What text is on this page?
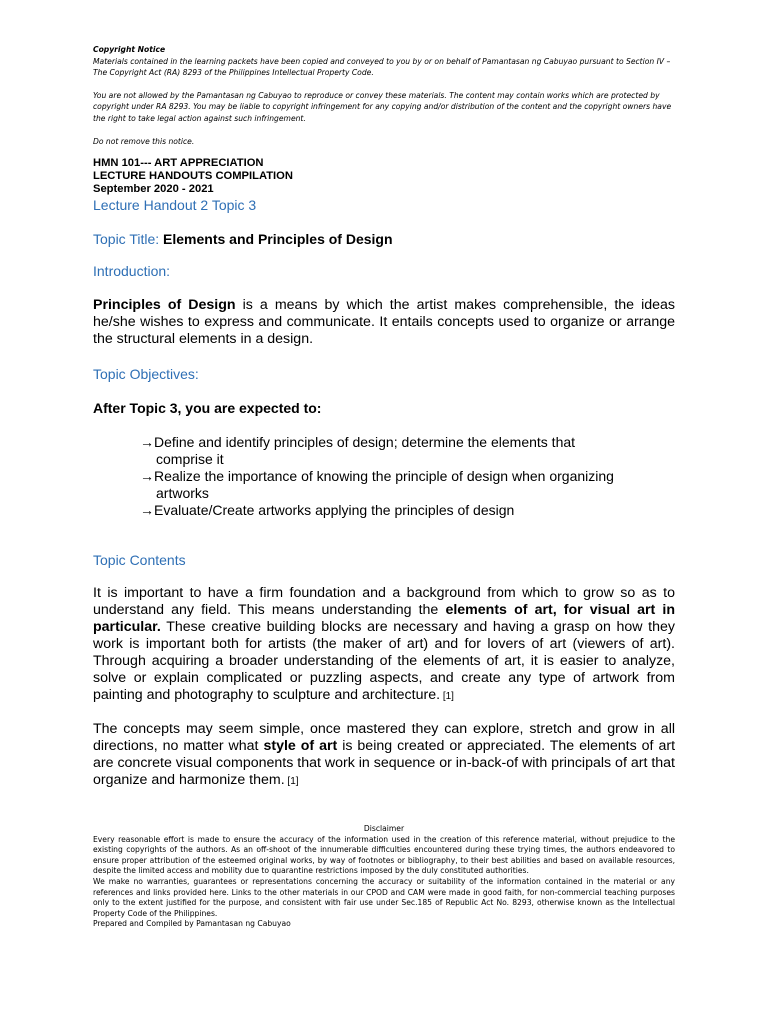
Copyright Notice

Materials contained in the learning packets have been copied and conveyed to you by or on behalf of Pamantasan ng Cabuyao pursuant to Section IV – The Copyright Act (RA) 8293 of the Philippines Intellectual Property Code.

You are not allowed by the Pamantasan ng Cabuyao to reproduce or convey these materials. The content may contain works which are protected by copyright under RA 8293. You may be liable to copyright infringement for any copying and/or distribution of the content and the copyright owners have the right to take legal action against such infringement.

Do not remove this notice.

HMN 101--- ART APPRECIATION
LECTURE HANDOUTS COMPILATION
September 2020 - 2021
Lecture Handout 2 Topic 3
Topic Title: Elements and Principles of Design
Introduction:
Principles of Design is a means by which the artist makes comprehensible, the ideas he/she wishes to express and communicate. It entails concepts used to organize or arrange the structural elements in a design.
Topic Objectives:
After Topic 3, you are expected to:
→Define and identify principles of design; determine the elements that
comprise it
→Realize the importance of knowing the principle of design when organizing
artworks
→Evaluate/Create artworks applying the principles of design
Topic Contents
It is important to have a firm foundation and a background from which to grow so as to understand any field. This means understanding the elements of art, for visual art in particular. These creative building blocks are necessary and having a grasp on how they work is important both for artists (the maker of art) and for lovers of art (viewers of art). Through acquiring a broader understanding of the elements of art, it is easier to analyze, solve or explain complicated or puzzling aspects, and create any type of artwork from painting and photography to sculpture and architecture. [1]
The concepts may seem simple, once mastered they can explore, stretch and grow in all directions, no matter what style of art is being created or appreciated. The elements of art are concrete visual components that work in sequence or in-back-of with principals of art that organize and harmonize them. [1]
Disclaimer

Every reasonable effort is made to ensure the accuracy of the information used in the creation of this reference material, without prejudice to the existing copyrights of the authors. As an off-shoot of the innumerable difficulties encountered during these trying times, the authors endeavored to ensure proper attribution of the esteemed original works, by way of footnotes or bibliography, to their best abilities and based on available resources, despite the limited access and mobility due to quarantine restrictions imposed by the duly constituted authorities.

We make no warranties, guarantees or representations concerning the accuracy or suitability of the information contained in the material or any references and links provided here. Links to the other materials in our CPOD and CAM were made in good faith, for non-commercial teaching purposes only to the extent justified for the purpose, and consistent with fair use under Sec.185 of Republic Act No. 8293, otherwise known as the Intellectual Property Code of the Philippines.

Prepared and Compiled by Pamantasan ng Cabuyao
